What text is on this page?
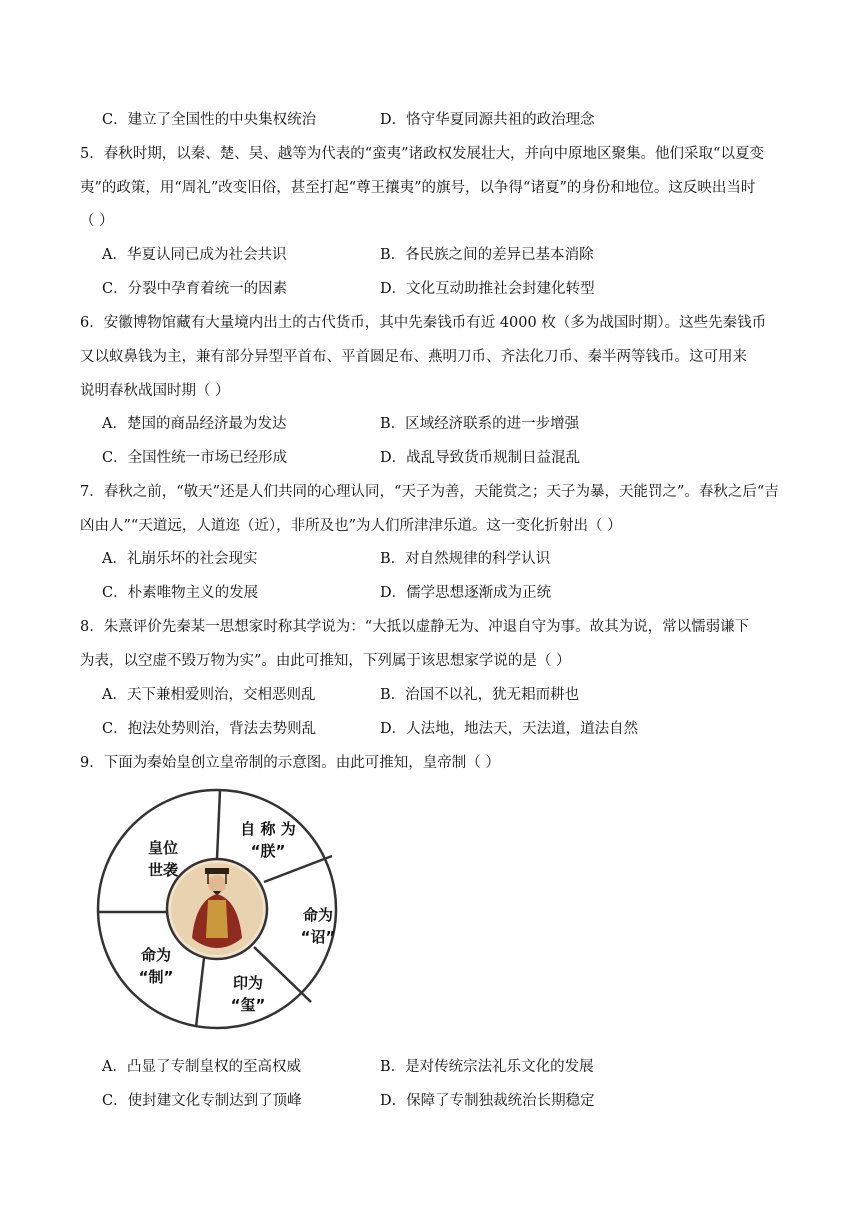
C．建立了全国性的中央集权统治	D．恪守华夏同源共祖的政治理念
5．春秋时期，以秦、楚、吴、越等为代表的“蛮夷”诸政权发展壮大，并向中原地区聚集。他们采取“以夏变
夷”的政策，用“周礼”改变旧俗，甚至打起“尊王攘夷”的旗号，以争得“诸夏”的身份和地位。这反映出当时
（ ）
A．华夏认同已成为社会共识	B．各民族之间的差异已基本消除
C．分裂中孕育着统一的因素	D．文化互动助推社会封建化转型
6．安徽博物馆藏有大量境内出土的古代货币，其中先秦钱币有近 4000 枚（多为战国时期）。这些先秦钱币
又以蚁鼻钱为主，兼有部分异型平首布、平首圆足布、燕明刀币、齐法化刀币、秦半两等钱币。这可用来
说明春秋战国时期（ ）
A．楚国的商品经济最为发达	B．区域经济联系的进一步增强
C．全国性统一市场已经形成	D．战乱导致货币规制日益混乱
7．春秋之前，“敬天”还是人们共同的心理认同，“天子为善，天能赏之；天子为暴，天能罚之”。春秋之后“吉
凶由人”“天道远，人道迩（近），非所及也”为人们所津津乐道。这一变化折射出（ ）
A．礼崩乐坏的社会现实	B．对自然规律的科学认识
C．朴素唯物主义的发展	D．儒学思想逐渐成为正统
8．朱熹评价先秦某一思想家时称其学说为：“大抵以虚静无为、冲退自守为事。故其为说，常以懦弱谦下
为表，以空虚不毁万物为实”。由此可推知，下列属于该思想家学说的是（ ）
A．天下兼相爱则治，交相恶则乱	B．治国不以礼，犹无耜而耕也
C．抱法处势则治，背法去势则乱	D．人法地，地法天，天法道，道法自然
9．下面为秦始皇创立皇帝制的示意图。由此可推知，皇帝制（ ）
皇位
世袭
自 称 为
“朕”
命为
“诏”
印为
“玺”
命为
“制”
A．凸显了专制皇权的至高权威	B．是对传统宗法礼乐文化的发展
C．使封建文化专制达到了顶峰	D．保障了专制独裁统治长期稳定
